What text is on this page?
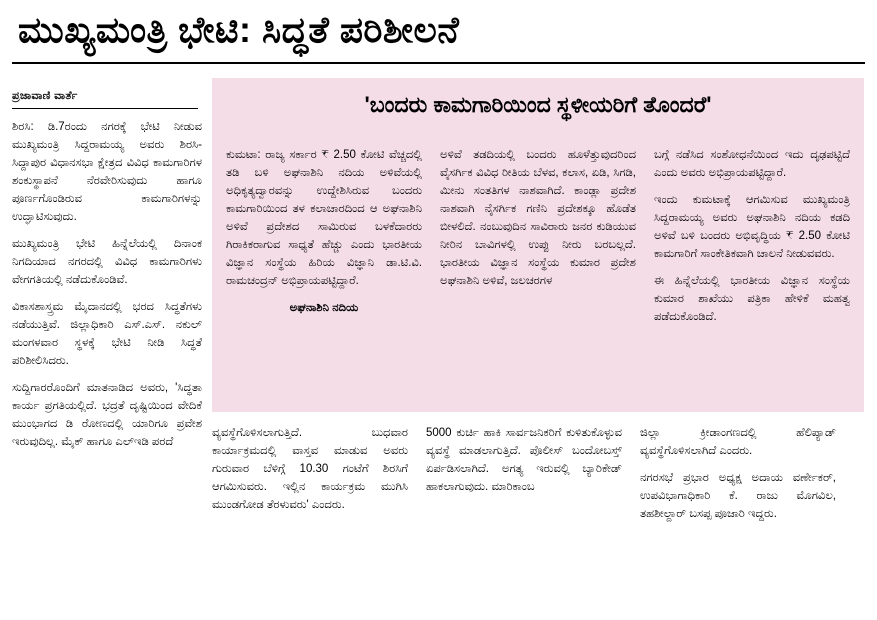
ಮುಖ್ಯಮಂತ್ರಿ ಭೇಟಿ: ಸಿದ್ಧತೆ ಪರಿಶೀಲನೆ
ಪ್ರಜಾವಾಣಿ ವಾರ್ತೆ

ಶಿರಸಿ: ಡಿ.7ರಂದು ನಗರಕ್ಕೆ ಭೇಟಿ ನೀಡುವ ಮುಖ್ಯಮಂತ್ರಿ ಸಿದ್ದರಾಮಯ್ಯ ಅವರು ಶಿರಸಿ- ಸಿದ್ದಾಪುರ ವಿಧಾನಸಭಾ ಕ್ಷೇತ್ರದ ವಿವಿಧ ಕಾಮಗಾರಿಗಳ ಶಂಕುಸ್ಥಾಪನೆ ನೆರವೇರಿಸುವುದು ಹಾಗೂ ಪೂರ್ಣಗೊಂಡಿರುವ ಕಾಮಗಾರಿಗಳನ್ನು ಉದ್ಘಾಟಿಸುವುದು.

ಮುಖ್ಯಮಂತ್ರಿ ಭೇಟಿ ಹಿನ್ನೆಲೆಯಲ್ಲಿ ದಿನಾಂಕ ನಿಗದಿಯಾದ ನಗರದಲ್ಲಿ ವಿವಿಧ ಕಾಮಗಾರಿಗಳು ವೇಗಗತಿಯಲ್ಲಿ ನಡೆದುಕೊಂಡಿವೆ.

ವಿಕಾಸಶಾಸ್ತ್ರಮ ಮೈದಾನದಲ್ಲಿ ಭರದ ಸಿದ್ಧತೆಗಳು ನಡೆಯುತ್ತಿವೆ. ಜಿಲ್ಲಾಧಿಕಾರಿ ಎಸ್.ಎಸ್. ನಕುಲ್ ಮಂಗಳವಾರ ಸ್ಥಳಕ್ಕೆ ಭೇಟಿ ನೀಡಿ ಸಿದ್ಧತೆ ಪರಿಶೀಲಿಸಿದರು.

ಸುದ್ದಿಗಾರರೊಂದಿಗೆ ಮಾತನಾಡಿದ ಅವರು, 'ಸಿದ್ಧತಾ ಕಾರ್ಯ ಪ್ರಗತಿಯಲ್ಲಿದೆ. ಭದ್ರತೆ ದೃಷ್ಟಿಯಿಂದ ವೇದಿಕೆ ಮುಂಭಾಗದ ಡಿ ರೋಣದಲ್ಲಿ ಯಾರಿಗೂ ಪ್ರವೇಶ ಇರುವುದಿಲ್ಲ. ಮೈಕ್ ಹಾಗೂ ಎಲ್‌ಇಡಿ ಪರದೆ

'ಬಂದರು ಕಾಮಗಾರಿಯಿಂದ ಸ್ಥಳೀಯರಿಗೆ ತೊಂದರೆ'

ಕುಮಟಾ: ರಾಜ್ಯ ಸರ್ಕಾರ ₹ 2.50 ಕೋಟಿ ವೆಚ್ಚದಲ್ಲಿ ತಡಿ ಬಳಿ ಅಘನಾಶಿನಿ ನದಿಯ ಅಳಿವೆಯಲ್ಲಿ ಅಧಿಕೃತ್ಯದ್ವಾರವನ್ನು ಉದ್ದೇಶಿಸಿರುವ ಬಂದರು ಕಾಮಗಾರಿಯಿಂದ ತಳ ಕಲಾಚಾರದಿಂದ ಆ ಅಘನಾಶಿನಿ ಅಳಿವೆ ಪ್ರದೇಶದ ಸಾಮಿರುವ ಬಳಕೆದಾರರು ಗಿರಾಕಿಕರಾಗುವ ಸಾಧ್ಯತೆ ಹೆಚ್ಚು ಎಂದು ಭಾರತೀಯ ವಿಜ್ಞಾನ ಸಂಸ್ಥೆಯ ಹಿರಿಯ ವಿಜ್ಞಾನಿ ಡಾ.ಟಿ.ವಿ. ರಾಮಚಂದ್ರನ್ ಅಭಿಪ್ರಾಯಪಟ್ಟಿದ್ದಾರೆ.

ಅಘನಾಶಿನಿ ನದಿಯ

ಅಳಿವೆ ತಡದಿಯಲ್ಲಿ ಬಂದರು ಹೂಳೆತ್ತುವುದರಿಂದ ವೈಸರ್ಗಿಕ ವಿವಿಧ ರೀತಿಯ ಬೆಳವ, ಕಲಾಸ, ಏಡಿ, ಸಿಗಡಿ, ಮೀನು ಸಂತತಿಗಳ ನಾಶವಾಗಿದೆ. ಕಾಂಡ್ಲಾ ಪ್ರದೇಶ ನಾಶವಾಗಿ ನೈಸರ್ಗಿಕ ಗಣಿನಿ ಪ್ರದೇಶಕ್ಕೂ ಹೊಡೆತ ಬೀಳಲಿದೆ. ನಂಬುವುದಿನ ಸಾವಿರಾರು ಜನರ ಕುಡಿಯುವ ನೀರಿನ ಬಾವಿಗಳಲ್ಲಿ ಉಪ್ಪು ನೀರು ಬರಬಲ್ಲದೆ. ಭಾರತೀಯ ವಿಜ್ಞಾನ ಸಂಸ್ಥೆಯ ಕುಮಾರ ಪ್ರದೇಶ ಅಘನಾಶಿನಿ ಅಳಿವೆ, ಜಲಚರಗಳ

ಬಗ್ಗೆ ನಡೆಸಿದ ಸಂಶೋಧನೆಯಿಂದ ಇದು ದೃಢಪಟ್ಟಿದೆ ಎಂದು ಅವರು ಅಭಿಪ್ರಾಯಪಟ್ಟಿದ್ದಾರೆ.

ಇಂದು ಕುಮಟಾಕ್ಕೆ ಆಗಮಿಸುವ ಮುಖ್ಯಮಂತ್ರಿ ಸಿದ್ದರಾಮಯ್ಯ ಅವರು ಅಘನಾಶಿನಿ ನದಿಯ ಕಡದಿ ಅಳಿವೆ ಬಳಿ ಬಂದರು ಅಭಿವೃದ್ಧಿಯ ₹ 2.50 ಕೋಟಿ ಕಾಮಗಾರಿಗೆ ಸಾಂಕೇತಿಕವಾಗಿ ಚಾಲನೆ ನೀಡುವವರು.

ಈ ಹಿನ್ನೆಲೆಯಲ್ಲಿ ಭಾರತೀಯ ವಿಜ್ಞಾನ ಸಂಸ್ಥೆಯ ಕುಮಾರ ಶಾಖೆಯು ಪತ್ರಿಕಾ ಹೇಳಿಕೆ ಮಹತ್ವ ಪಡೆದುಕೊಂಡಿದೆ.

ವ್ಯವಸ್ಥೆಗೊಳಿಸಲಾಗುತ್ತಿದೆ. ಬುಧವಾರ ಕಾರ್ಯಾಕ್ರಮದಲ್ಲಿ ವಾಸ್ತವ ಮಾಡುವ ಅವರು ಗುರುವಾರ ಬೆಳಿಗ್ಗೆ 10.30 ಗಂಟೆಗೆ ಶಿರಸಿಗೆ ಆಗಮಿಸುವರು. ಇಲ್ಲಿನ ಕಾರ್ಯಕ್ರಮ ಮುಗಿಸಿ ಮುಂಡಗೋಡ ತೆರಳುವರು' ಎಂದರು.

5000 ಕುರ್ಚಿ ಹಾಕಿ ಸಾರ್ವಜನಿಕರಿಗೆ ಕುಳಿತುಕೊಳ್ಳುವ ವ್ಯವಸ್ಥೆ ಮಾಡಲಾಗುತ್ತಿದೆ. ಪೊಲೀಸ್ ಬಂದೋಬಸ್ತ್ ಏರ್ಪಡಿಸಲಾಗಿದೆ. ಅಗತ್ಯ ಇರುವಲ್ಲಿ ಬ್ಯಾರಿಕೇಡ್ ಹಾಕಲಾಗುವುದು. ಮಾರಿಕಾಂಬ

ಜಿಲ್ಲಾ ಕ್ರೀಡಾಂಗಣದಲ್ಲಿ ಹೆಲಿಪ್ಯಾಡ್ ವ್ಯವಸ್ಥೆಗೊಳಿಸಲಾಗಿದೆ ಎಂದರು.

ನಗರಸಭೆ ಪ್ರಭಾರ ಅಧ್ಯಕ್ಷ ಅದಾಯ ವರ್ಣೇಕರ್, ಉಪವಿಭಾಗಾಧಿಕಾರಿ ಕೆ. ರಾಜು ಮೊಗವಿಲ, ತಹಶೀಲ್ದಾರ್ ಬಸಪ್ಪ ಪೂಜಾರಿ ಇದ್ದರು.
